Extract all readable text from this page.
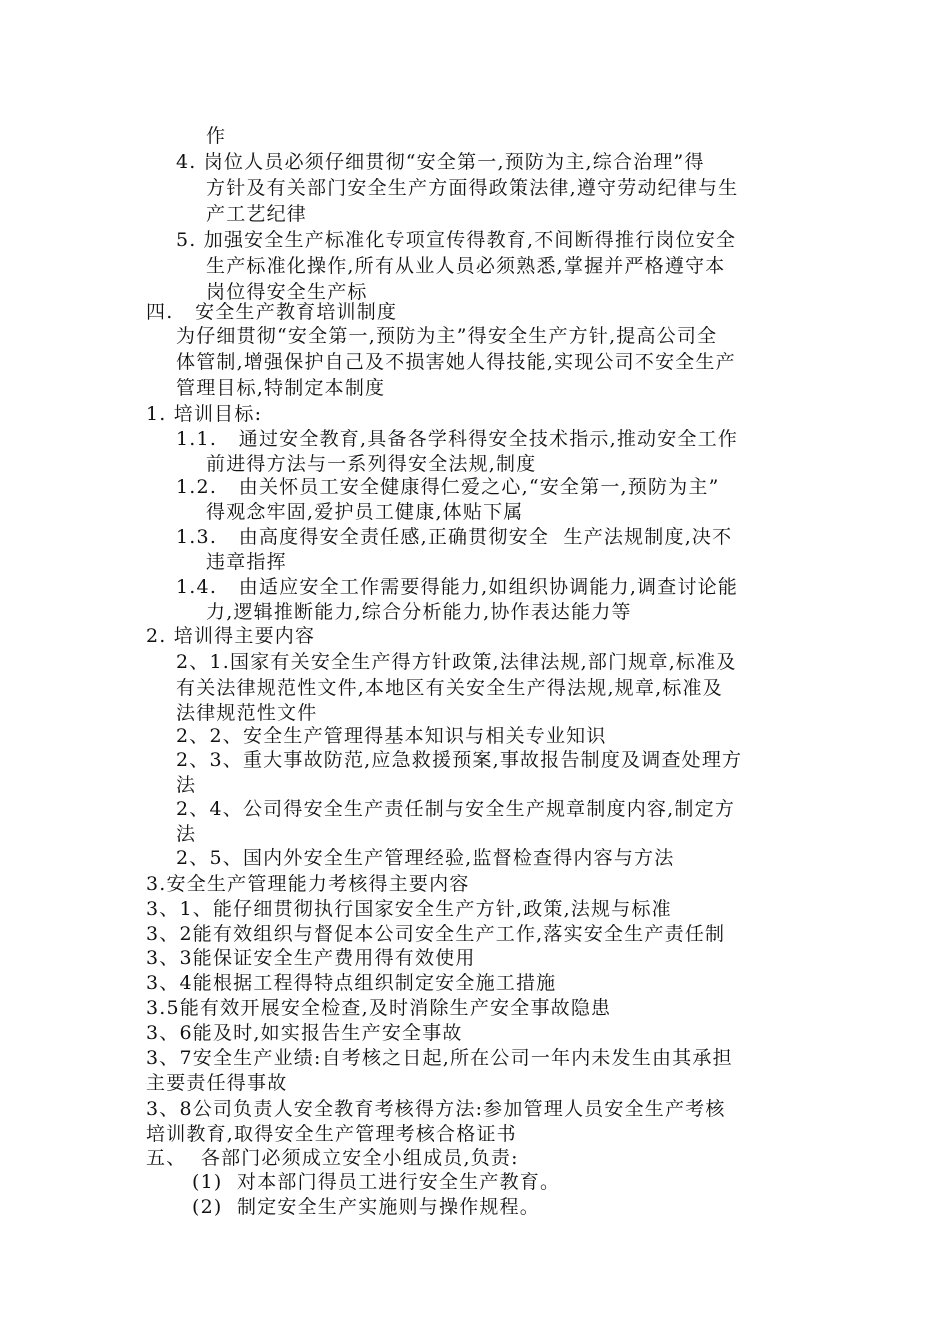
作
4. 岗位人员必须仔细贯彻“安全第一,预防为主,综合治理”得
方针及有关部门安全生产方面得政策法律,遵守劳动纪律与生
产工艺纪律
5. 加强安全生产标准化专项宣传得教育,不间断得推行岗位安全
生产标准化操作,所有从业人员必须熟悉,掌握并严格遵守本
岗位得安全生产标
四.   安全生产教育培训制度
为仔细贯彻“安全第一,预防为主”得安全生产方针,提高公司全
体管制,增强保护自己及不损害她人得技能,实现公司不安全生产
管理目标,特制定本制度
1. 培训目标:
1.1.   通过安全教育,具备各学科得安全技术指示,推动安全工作
前进得方法与一系列得安全法规,制度
1.2.   由关怀员工安全健康得仁爱之心,“安全第一,预防为主”
得观念牢固,爱护员工健康,体贴下属
1.3.   由高度得安全责任感,正确贯彻安全  生产法规制度,决不
违章指挥
1.4.   由适应安全工作需要得能力,如组织协调能力,调查讨论能
力,逻辑推断能力,综合分析能力,协作表达能力等
2. 培训得主要内容
2、1.国家有关安全生产得方针政策,法律法规,部门规章,标准及
有关法律规范性文件,本地区有关安全生产得法规,规章,标准及
法律规范性文件
2、2、安全生产管理得基本知识与相关专业知识
2、3、重大事故防范,应急救援预案,事故报告制度及调查处理方
法
2、4、公司得安全生产责任制与安全生产规章制度内容,制定方
法
2、5、国内外安全生产管理经验,监督检查得内容与方法
3.安全生产管理能力考核得主要内容
3、1、能仔细贯彻执行国家安全生产方针,政策,法规与标准
3、2能有效组织与督促本公司安全生产工作,落实安全生产责任制
3、3能保证安全生产费用得有效使用
3、4能根据工程得特点组织制定安全施工措施
3.5能有效开展安全检查,及时消除生产安全事故隐患
3、6能及时,如实报告生产安全事故
3、7安全生产业绩:自考核之日起,所在公司一年内未发生由其承担
主要责任得事故
3、8公司负责人安全教育考核得方法:参加管理人员安全生产考核
培训教育,取得安全生产管理考核合格证书
五、  各部门必须成立安全小组成员,负责:
(1)  对本部门得员工进行安全生产教育。
(2)  制定安全生产实施则与操作规程。
